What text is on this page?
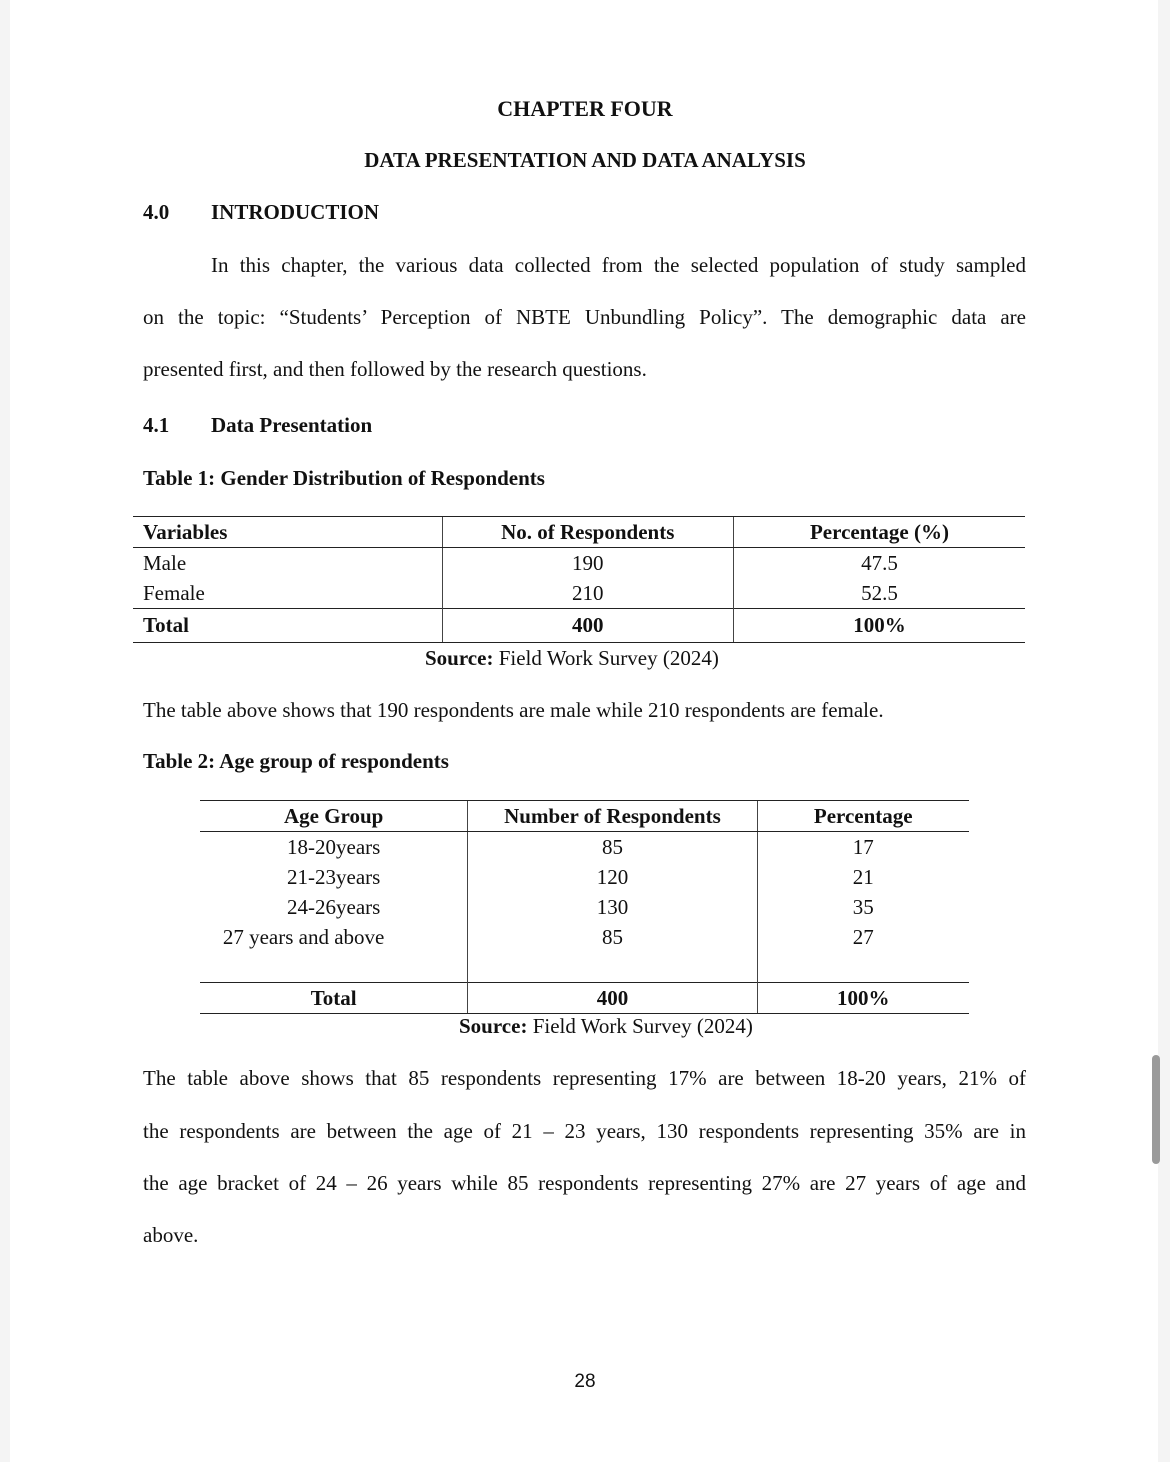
CHAPTER FOUR
DATA PRESENTATION AND DATA ANALYSIS
4.0 INTRODUCTION
In this chapter, the various data collected from the selected population of study sampled
on the topic: “Students’ Perception of NBTE Unbundling Policy”. The demographic data are
presented first, and then followed by the research questions.
4.1 Data Presentation
Table 1: Gender Distribution of Respondents
Variables	No. of Respondents	Percentage (%)
Male	190	47.5
Female	210	52.5
Total	400	100%
Source: Field Work Survey (2024)
The table above shows that 190 respondents are male while 210 respondents are female.
Table 2: Age group of respondents
Age Group	Number of Respondents	Percentage
18-20years	85	17
21-23years	120	21
24-26years	130	35
27 years and above	85	27

Total	400	100%
Source: Field Work Survey (2024)
The table above shows that 85 respondents representing 17% are between 18-20 years, 21% of
the respondents are between the age of 21 – 23 years, 130 respondents representing 35% are in
the age bracket of 24 – 26 years while 85 respondents representing 27% are 27 years of age and
above.
28
